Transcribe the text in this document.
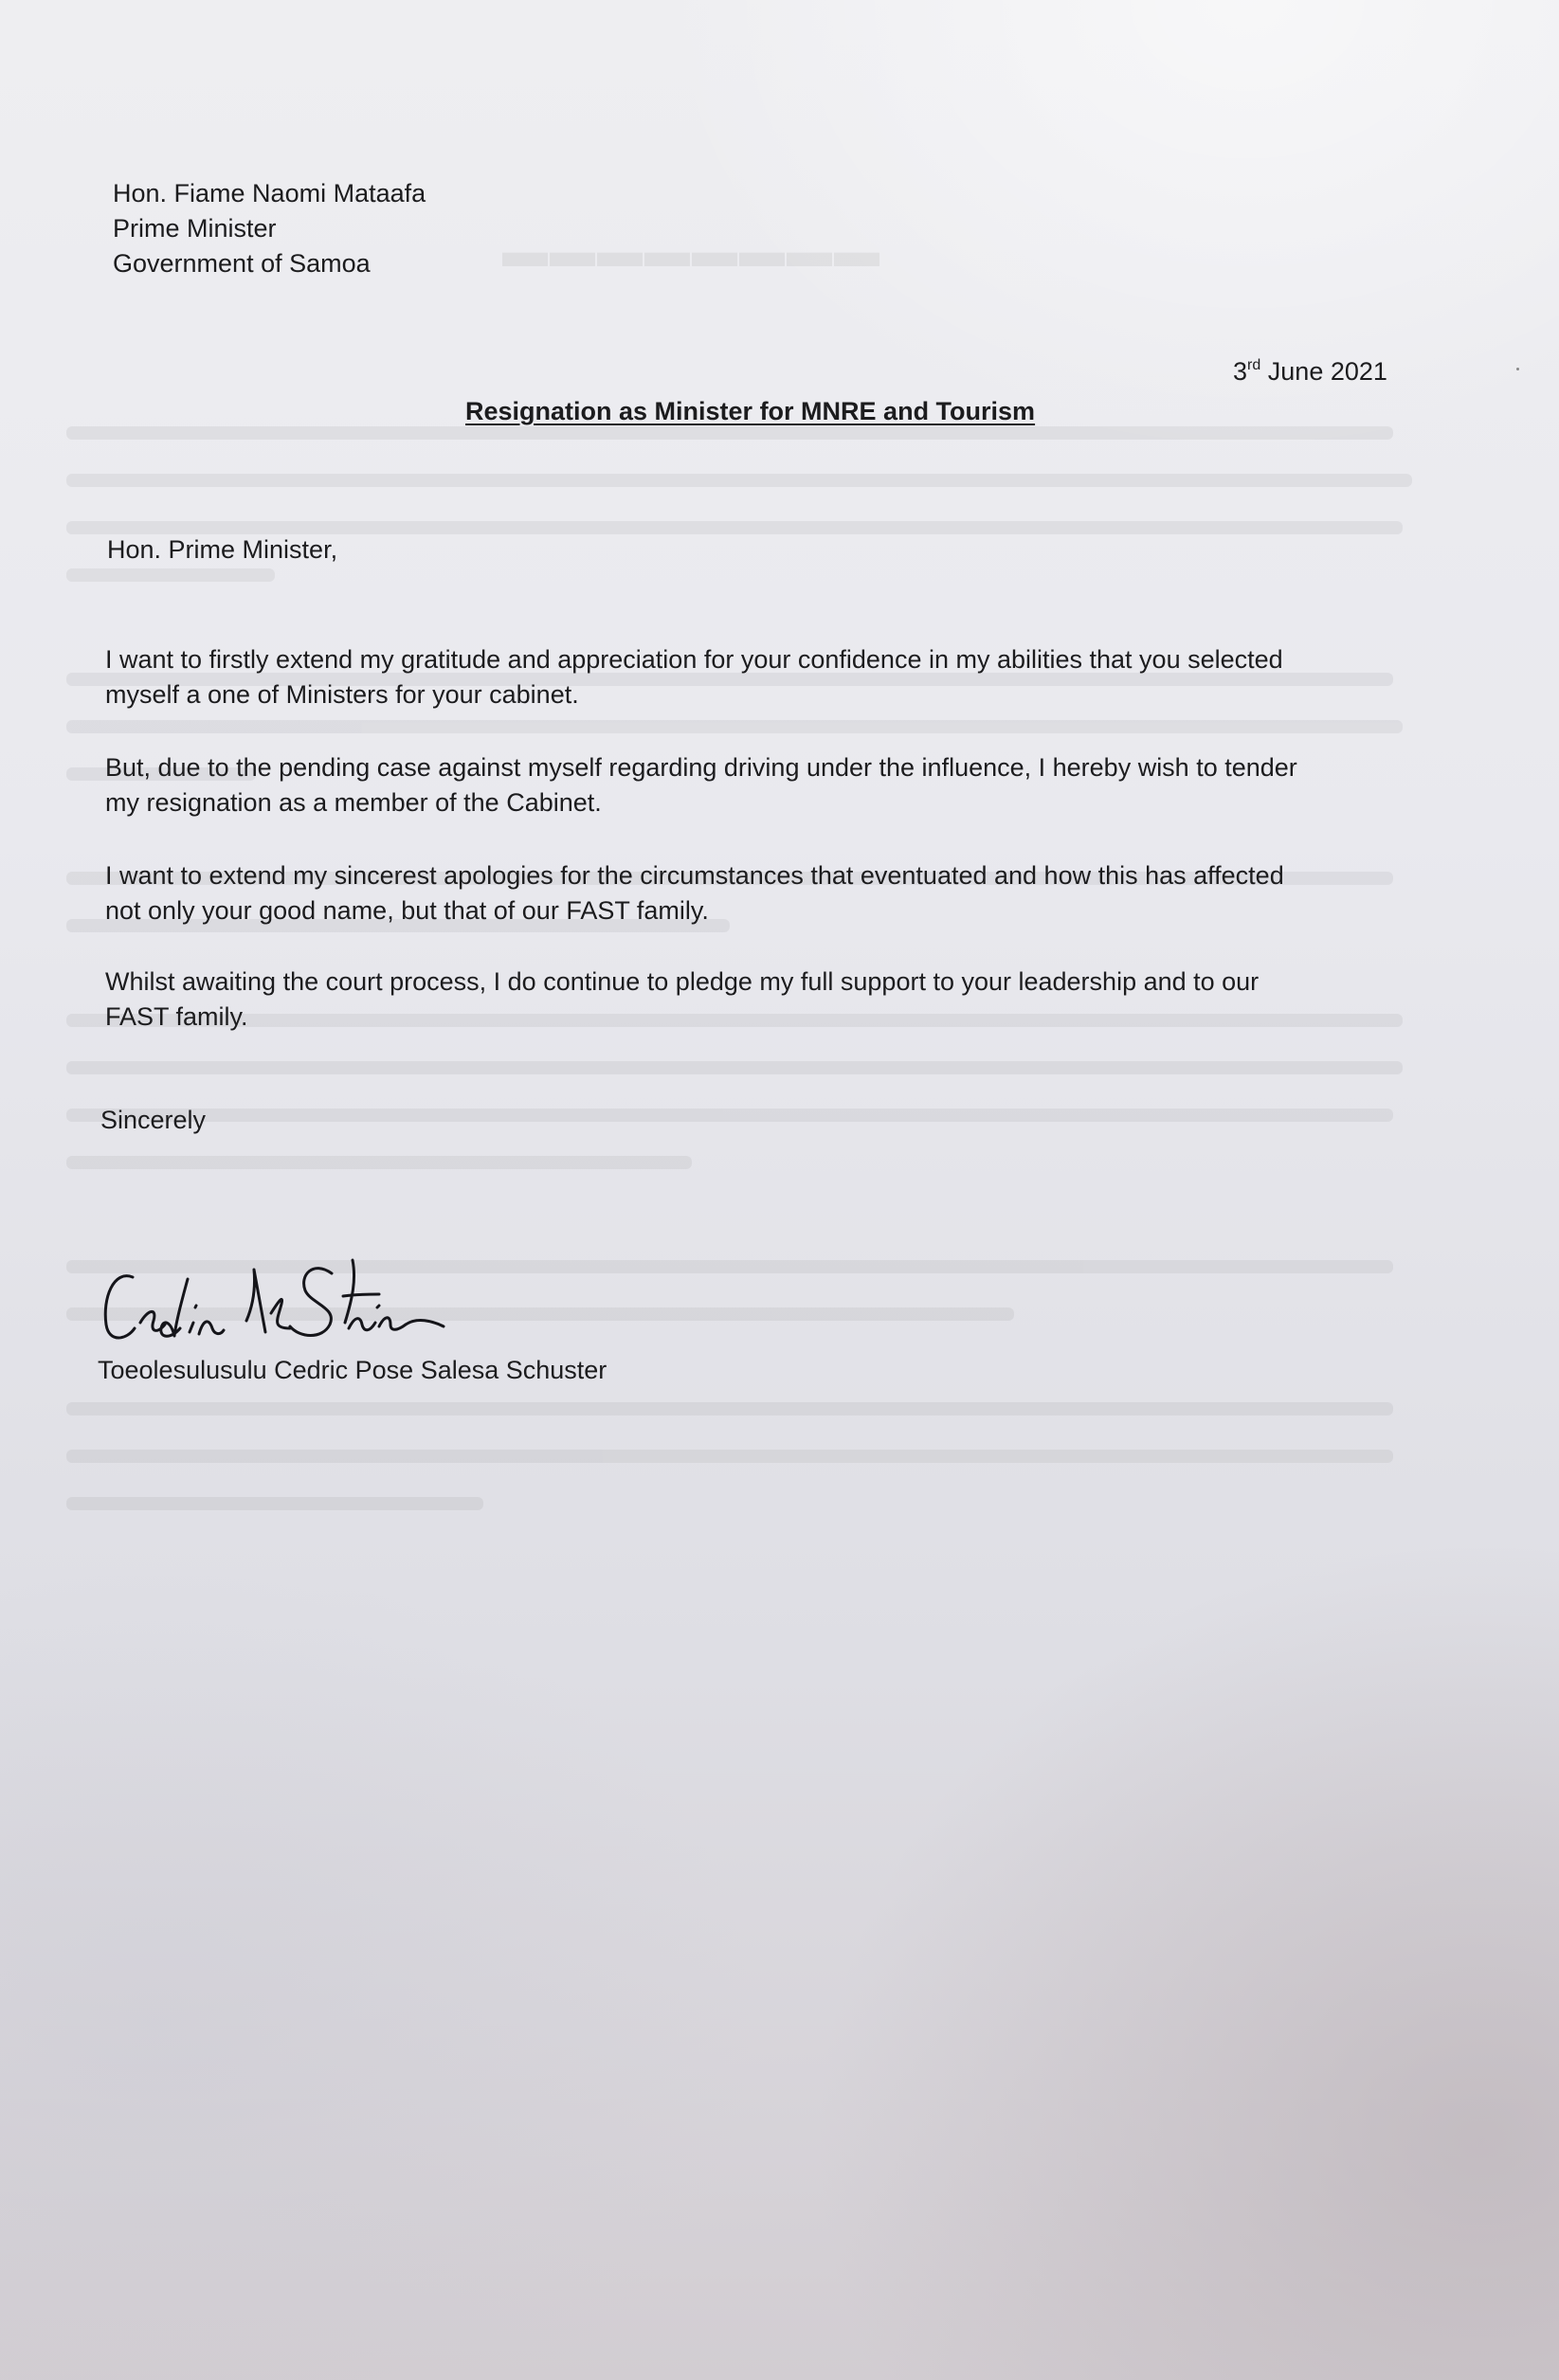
▬▬▬▬▬▬▬▬
Hon. Fiame Naomi Mataafa
Prime Minister
Government of Samoa

3rd June 2021

Resignation as Minister for MNRE and Tourism

Hon. Prime Minister,

I want to firstly extend my gratitude and appreciation for your confidence in my abilities that you selected
myself a one of Ministers for your cabinet.
But, due to the pending case against myself regarding driving under the influence, I hereby wish to tender
my resignation as a member of the Cabinet.
I want to extend my sincerest apologies for the circumstances that eventuated and how this has affected
not only your good name, but that of our FAST family.
Whilst awaiting the court process, I do continue to pledge my full support to your leadership and to our
FAST family.

Sincerely

Toeolesulusulu Cedric Pose Salesa Schuster
